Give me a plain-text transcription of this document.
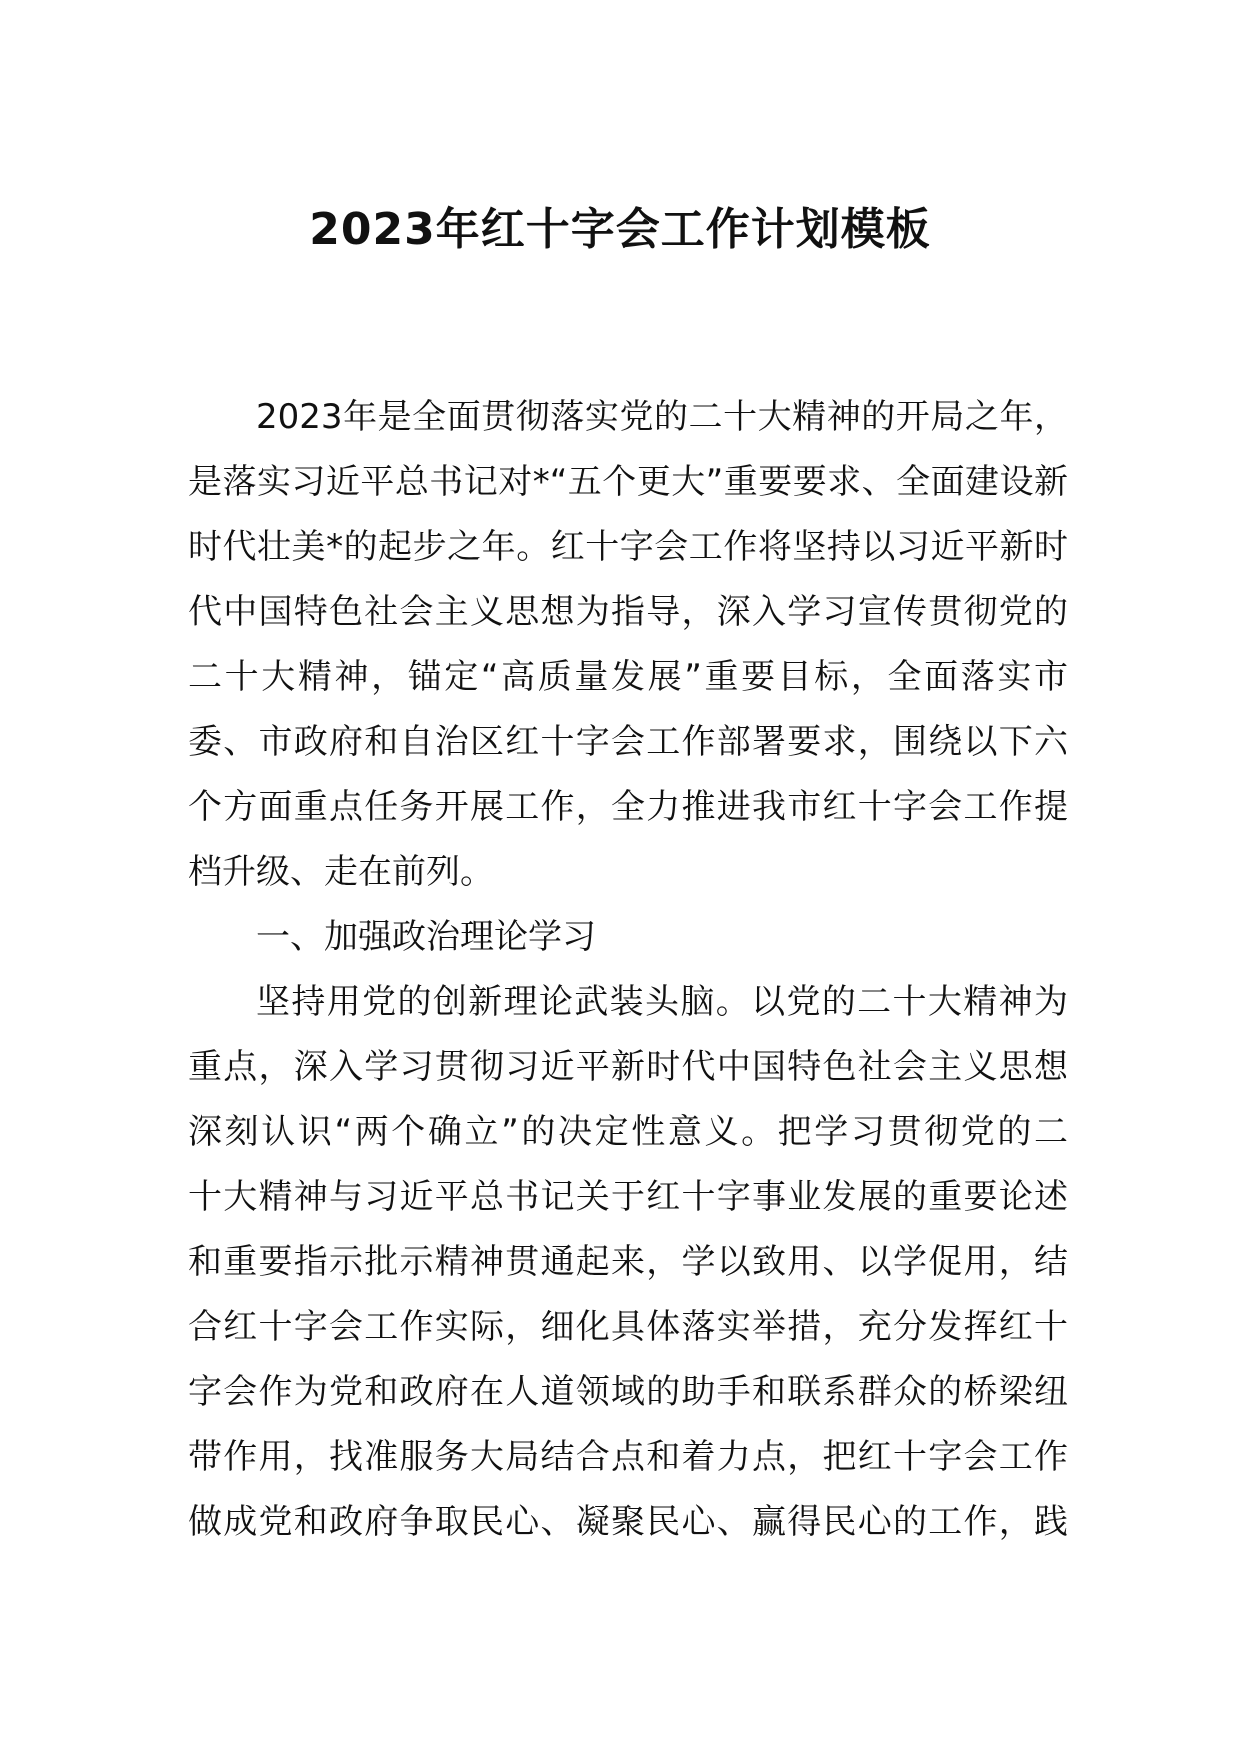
2023年红十字会工作计划模板
2023年是全面贯彻落实党的二十大精神的开局之年，
是落实习近平总书记对*“五个更大”重要要求、全面建设新
时代壮美*的起步之年。红十字会工作将坚持以习近平新时
代中国特色社会主义思想为指导，深入学习宣传贯彻党的
二十大精神，锚定“高质量发展”重要目标，全面落实市
委、市政府和自治区红十字会工作部署要求，围绕以下六
个方面重点任务开展工作，全力推进我市红十字会工作提
档升级、走在前列。
一、加强政治理论学习
坚持用党的创新理论武装头脑。以党的二十大精神为
重点，深入学习贯彻习近平新时代中国特色社会主义思想
深刻认识“两个确立”的决定性意义。把学习贯彻党的二
十大精神与习近平总书记关于红十字事业发展的重要论述
和重要指示批示精神贯通起来，学以致用、以学促用，结
合红十字会工作实际，细化具体落实举措，充分发挥红十
字会作为党和政府在人道领域的助手和联系群众的桥梁纽
带作用，找准服务大局结合点和着力点，把红十字会工作
做成党和政府争取民心、凝聚民心、赢得民心的工作，践
